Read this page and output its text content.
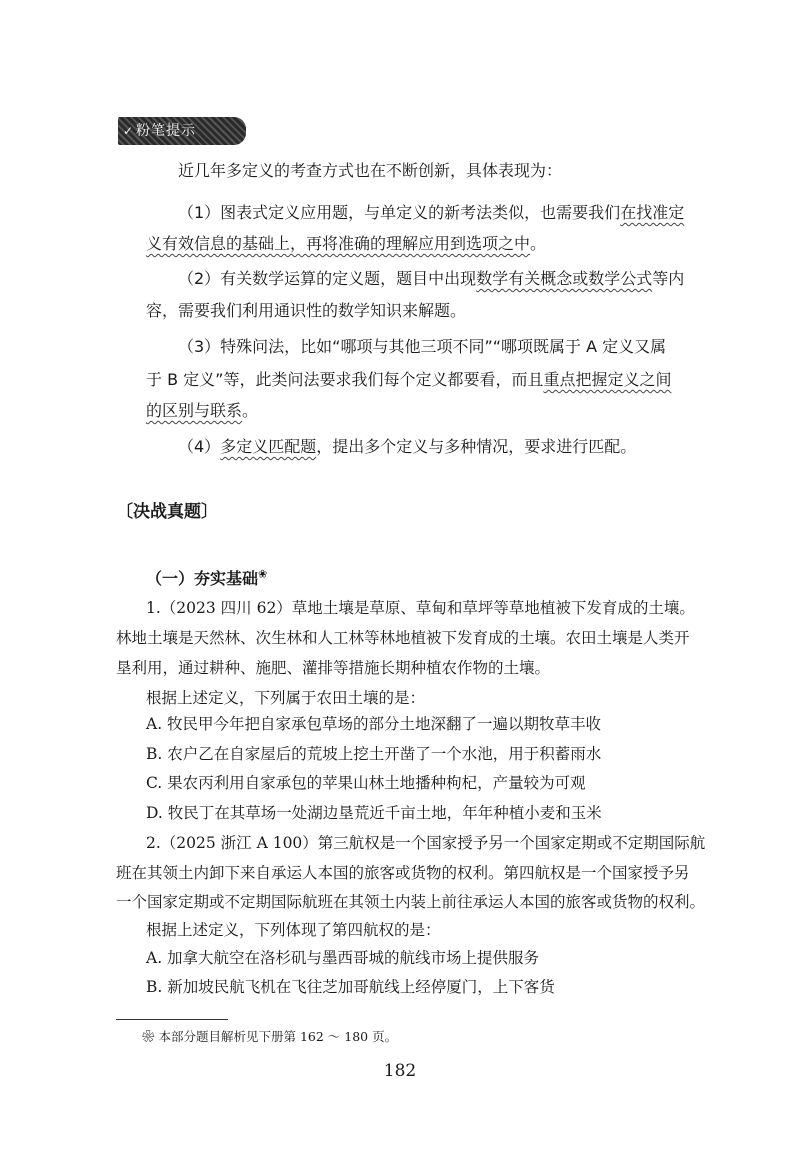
✓ 粉笔提示
近几年多定义的考查方式也在不断创新，具体表现为：
（1）图表式定义应用题，与单定义的新考法类似，也需要我们在找准定
义有效信息的基础上，再将准确的理解应用到选项之中。
（2）有关数学运算的定义题，题目中出现数学有关概念或数学公式等内
容，需要我们利用通识性的数学知识来解题。
（3）特殊问法，比如“哪项与其他三项不同”“哪项既属于 A 定义又属
于 B 定义”等，此类问法要求我们每个定义都要看，而且重点把握定义之间
的区别与联系。
（4）多定义匹配题，提出多个定义与多种情况，要求进行匹配。
〔决战真题〕
（一）夯实基础❀
1.（2023 四川 62）草地土壤是草原、草甸和草坪等草地植被下发育成的土壤。
林地土壤是天然林、次生林和人工林等林地植被下发育成的土壤。农田土壤是人类开
垦利用，通过耕种、施肥、灌排等措施长期种植农作物的土壤。
根据上述定义，下列属于农田土壤的是：
A. 牧民甲今年把自家承包草场的部分土地深翻了一遍以期牧草丰收
B. 农户乙在自家屋后的荒坡上挖土开凿了一个水池，用于积蓄雨水
C. 果农丙利用自家承包的苹果山林土地播种枸杞，产量较为可观
D. 牧民丁在其草场一处湖边垦荒近千亩土地，年年种植小麦和玉米
2.（2025 浙江 A 100）第三航权是一个国家授予另一个国家定期或不定期国际航
班在其领土内卸下来自承运人本国的旅客或货物的权利。第四航权是一个国家授予另
一个国家定期或不定期国际航班在其领土内装上前往承运人本国的旅客或货物的权利。
根据上述定义，下列体现了第四航权的是：
A. 加拿大航空在洛杉矶与墨西哥城的航线市场上提供服务
B. 新加坡民航飞机在飞往芝加哥航线上经停厦门，上下客货
❀ 本部分题目解析见下册第 162 ～ 180 页。
182
